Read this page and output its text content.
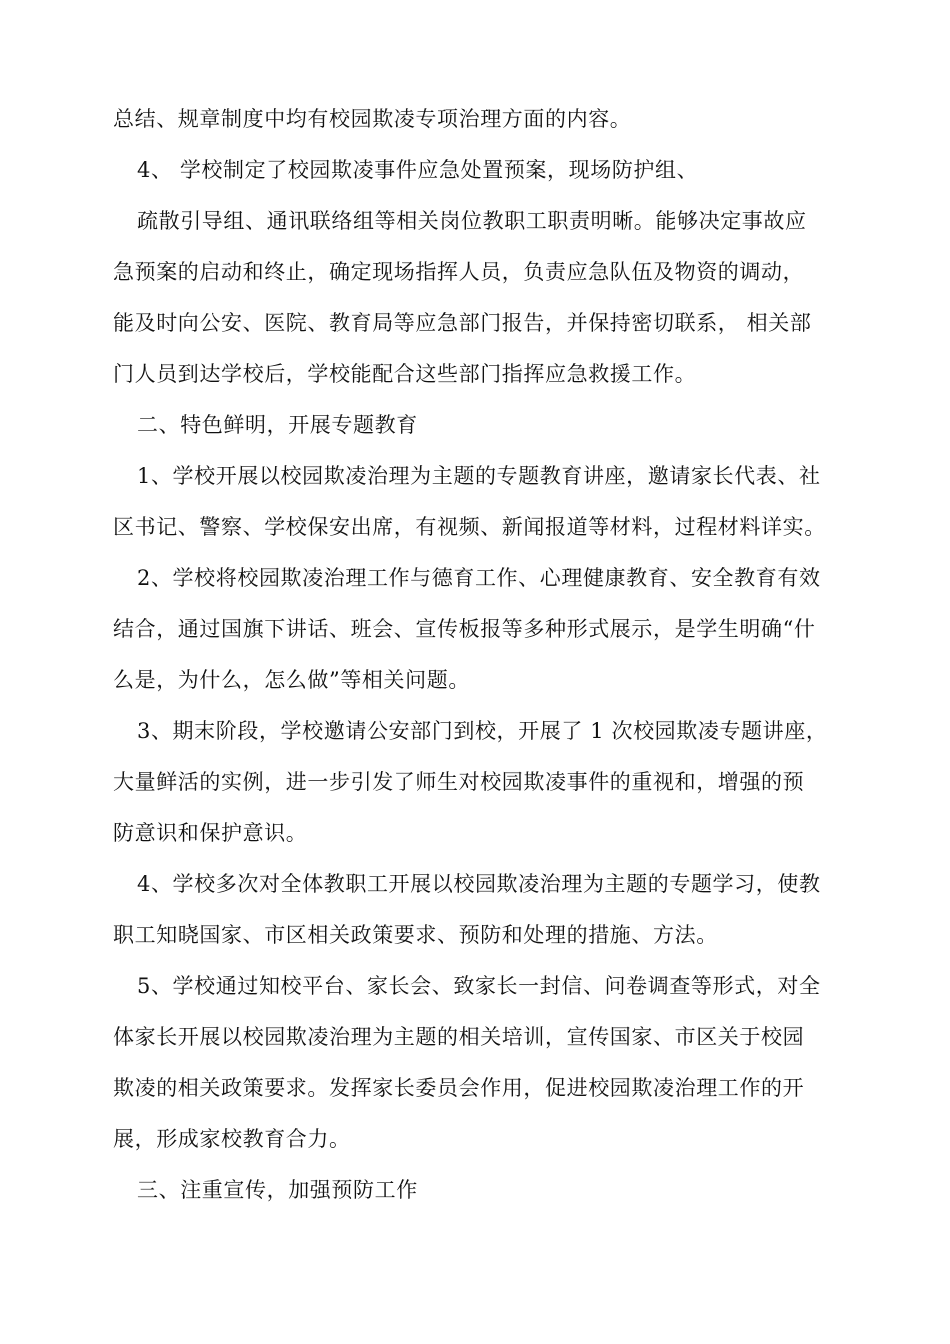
总结、规章制度中均有校园欺凌专项治理方面的内容。
4、 学校制定了校园欺凌事件应急处置预案，现场防护组、
疏散引导组、通讯联络组等相关岗位教职工职责明晰。能够决定事故应
急预案的启动和终止，确定现场指挥人员，负责应急队伍及物资的调动，
能及时向公安、医院、教育局等应急部门报告，并保持密切联系， 相关部
门人员到达学校后，学校能配合这些部门指挥应急救援工作。
二、特色鲜明，开展专题教育
1、学校开展以校园欺凌治理为主题的专题教育讲座，邀请家长代表、社
区书记、警察、学校保安出席，有视频、新闻报道等材料，过程材料详实。
2、学校将校园欺凌治理工作与德育工作、心理健康教育、安全教育有效
结合，通过国旗下讲话、班会、宣传板报等多种形式展示，是学生明确“什
么是，为什么，怎么做”等相关问题。
3、期末阶段，学校邀请公安部门到校，开展了 1 次校园欺凌专题讲座，
大量鲜活的实例，进一步引发了师生对校园欺凌事件的重视和，增强的预
防意识和保护意识。
4、学校多次对全体教职工开展以校园欺凌治理为主题的专题学习，使教
职工知晓国家、市区相关政策要求、预防和处理的措施、方法。
5、学校通过知校平台、家长会、致家长一封信、问卷调查等形式，对全
体家长开展以校园欺凌治理为主题的相关培训，宣传国家、市区关于校园
欺凌的相关政策要求。发挥家长委员会作用，促进校园欺凌治理工作的开
展，形成家校教育合力。
三、注重宣传，加强预防工作
